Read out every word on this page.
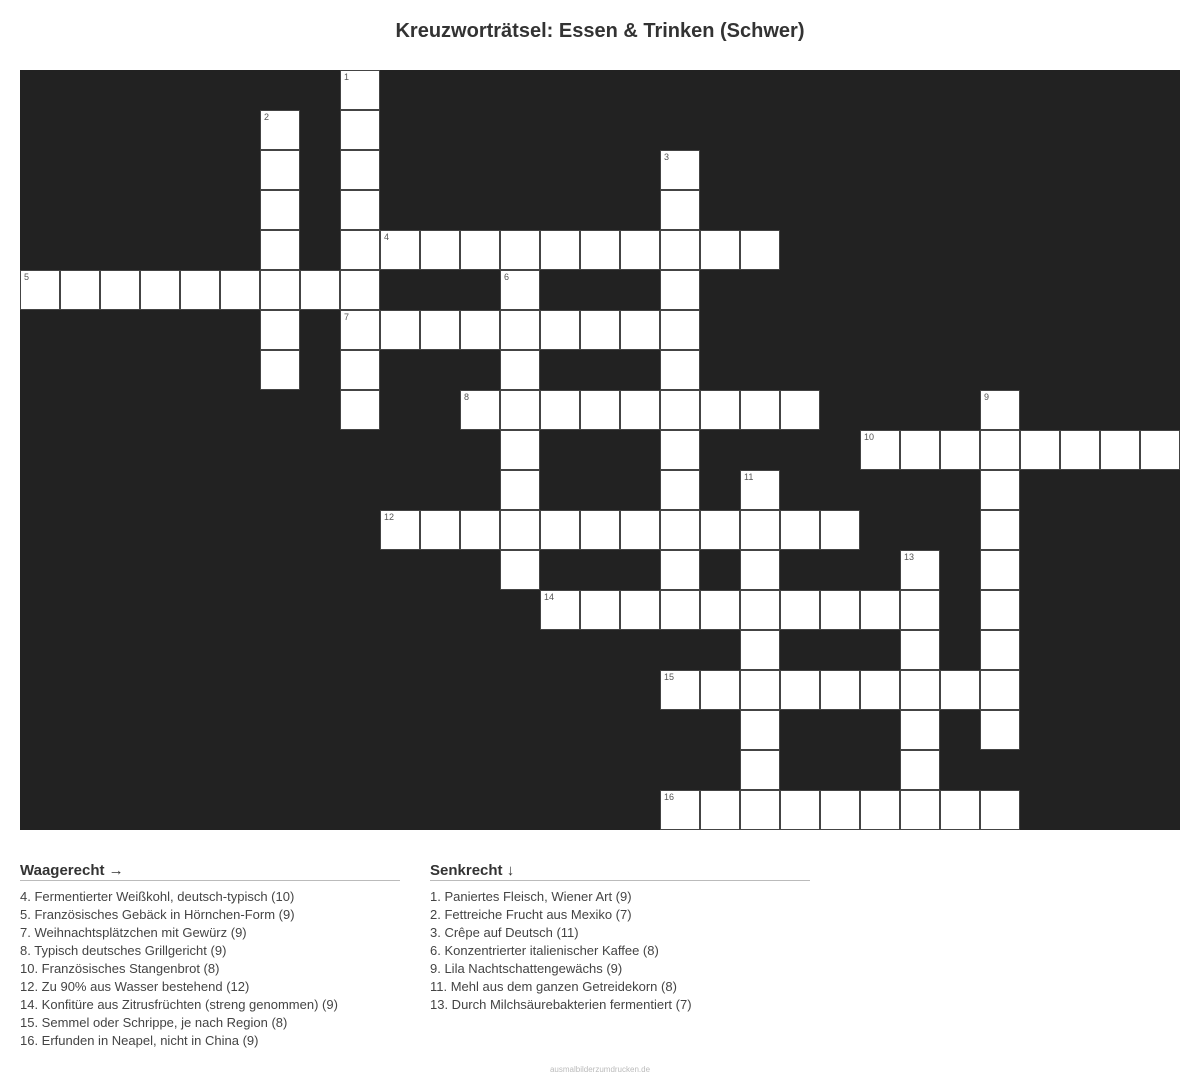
Kreuzworträtsel: Essen & Trinken (Schwer)
1
7
2
3
4
5	6
8	9
10
11
12
13
14
15
16
Waagerecht →
4. Fermentierter Weißkohl, deutsch-typisch (10)
5. Französisches Gebäck in Hörnchen-Form (9)
7. Weihnachtsplätzchen mit Gewürz (9)
8. Typisch deutsches Grillgericht (9)
10. Französisches Stangenbrot (8)
12. Zu 90% aus Wasser bestehend (12)
14. Konfitüre aus Zitrusfrüchten (streng genommen) (9)
15. Semmel oder Schrippe, je nach Region (8)
16. Erfunden in Neapel, nicht in China (9)
Senkrecht ↓
1. Paniertes Fleisch, Wiener Art (9)
2. Fettreiche Frucht aus Mexiko (7)
3. Crêpe auf Deutsch (11)
6. Konzentrierter italienischer Kaffee (8)
9. Lila Nachtschattengewächs (9)
11. Mehl aus dem ganzen Getreidekorn (8)
13. Durch Milchsäurebakterien fermentiert (7)
ausmalbilderzumdrucken.de
